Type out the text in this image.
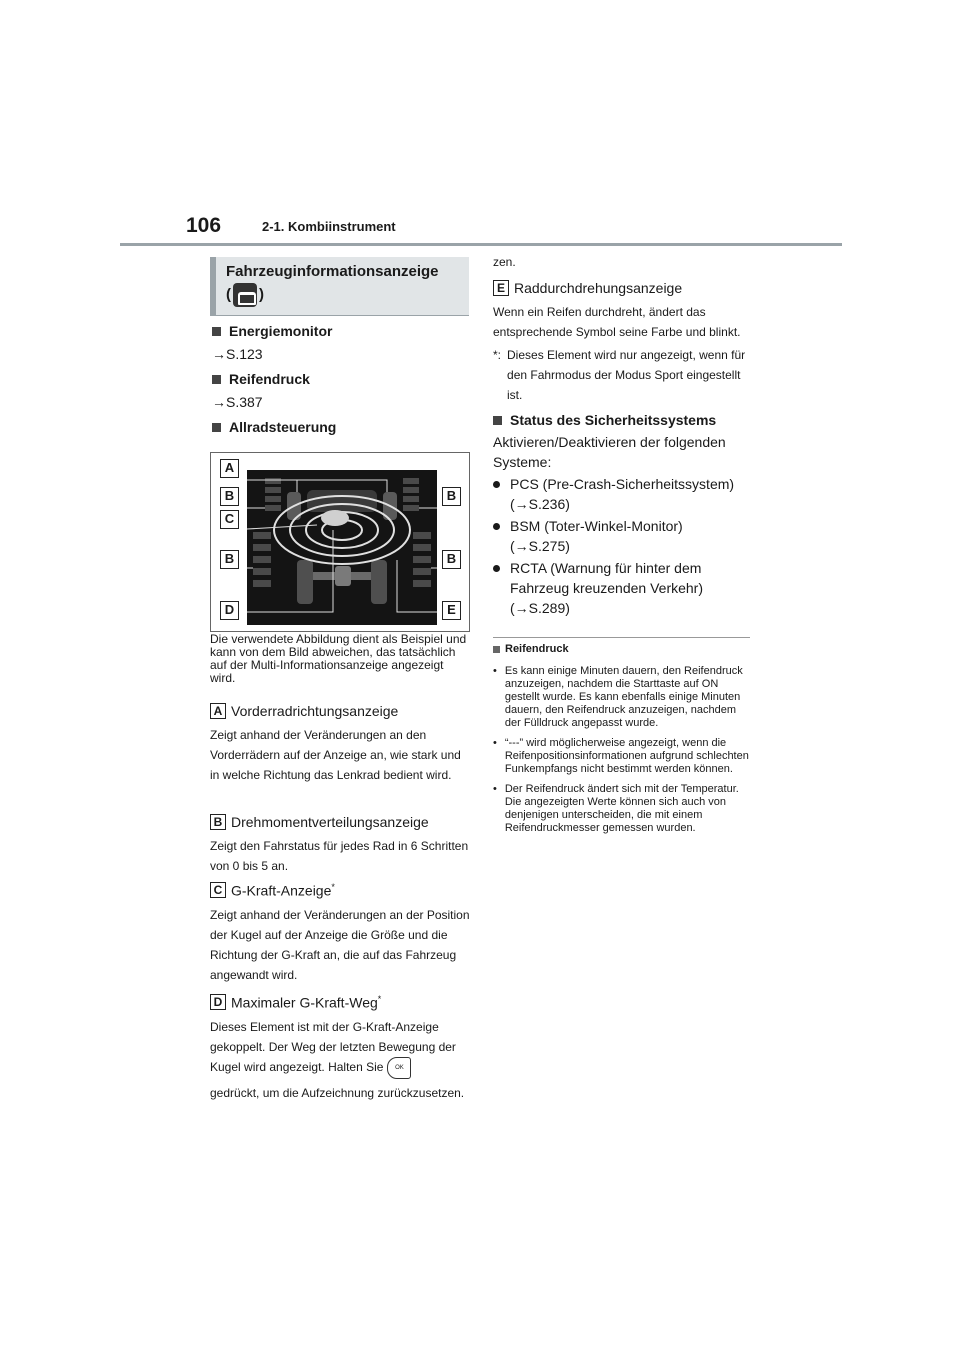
106	2-1. Kombiinstrument
Fahrzeuginformationsanzeige
( )
Energiemonitor
→S.123
Reifendruck
→S.387
Allradsteuerung
A
B
C
B
D
B
B
E
Die verwendete Abbildung dient als Beispiel und kann von dem Bild abweichen, das tatsächlich auf der Multi-Informationsanzeige angezeigt wird.
A Vorderradrichtungsanzeige
Zeigt anhand der Veränderungen an den Vorderrädern auf der Anzeige an, wie stark und in welche Richtung das Lenkrad bedient wird.
B Drehmomentverteilungsanzeige
Zeigt den Fahrstatus für jedes Rad in 6 Schritten von 0 bis 5 an.
C G-Kraft-Anzeige*
Zeigt anhand der Veränderungen an der Position der Kugel auf der Anzeige die Größe und die Richtung der G-Kraft an, die auf das Fahrzeug angewandt wird.
D Maximaler G-Kraft-Weg*
Dieses Element ist mit der G-Kraft-Anzeige gekoppelt. Der Weg der letzten Bewegung der Kugel wird angezeigt. Halten Sie OK
gedrückt, um die Aufzeichnung zurückzusetzen.
zen.
E Raddurchdrehungsanzeige
Wenn ein Reifen durchdreht, ändert das entsprechende Symbol seine Farbe und blinkt.
*: Dieses Element wird nur angezeigt, wenn für den Fahrmodus der Modus Sport eingestellt ist.
Status des Sicherheitssystems
Aktivieren/Deaktivieren der folgenden Systeme:
PCS (Pre-Crash-Sicherheitssystem)
(→S.236)
BSM (Toter-Winkel-Monitor)
(→S.275)
RCTA (Warnung für hinter dem Fahrzeug kreuzenden Verkehr)
(→S.289)
Reifendruck
• Es kann einige Minuten dauern, den Reifendruck anzuzeigen, nachdem die Starttaste auf ON gestellt wurde. Es kann ebenfalls einige Minuten dauern, den Reifendruck anzuzeigen, nachdem der Fülldruck angepasst wurde.
• “---” wird möglicherweise angezeigt, wenn die Reifenpositionsinformationen aufgrund schlechten Funkempfangs nicht bestimmt werden können.
• Der Reifendruck ändert sich mit der Temperatur. Die angezeigten Werte können sich auch von denjenigen unterscheiden, die mit einem Reifendruckmesser gemessen wurden.
